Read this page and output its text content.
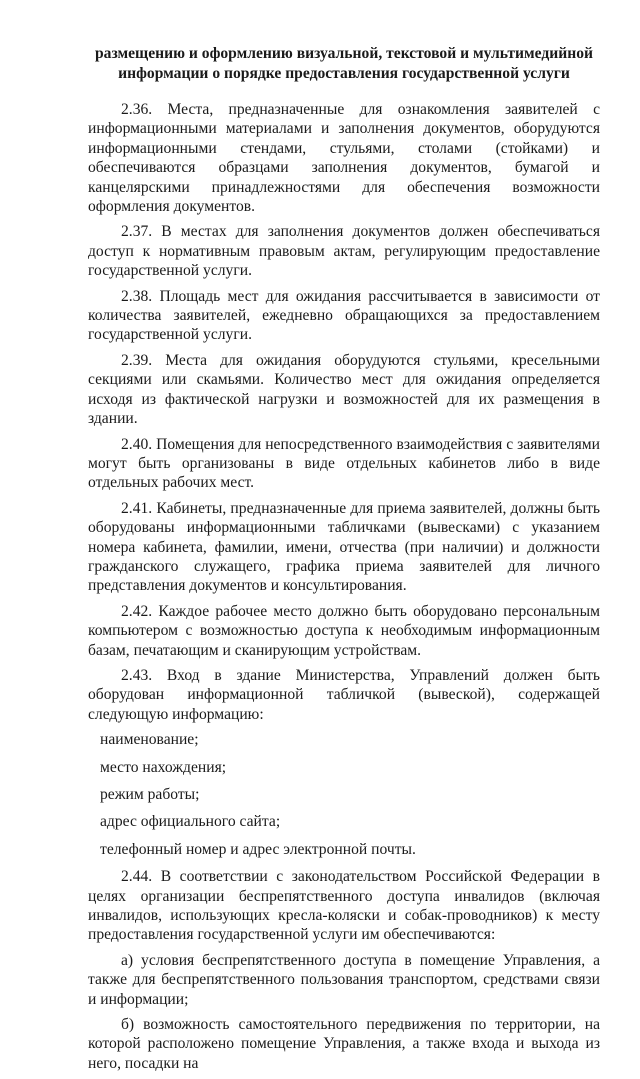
размещению и оформлению визуальной, текстовой и мультимедийной
информации о порядке предоставления государственной услуги

2.36. Места, предназначенные для ознакомления заявителей с информационными материалами и заполнения документов, оборудуются информационными стендами, стульями, столами (стойками) и обеспечиваются образцами заполнения документов, бумагой и канцелярскими принадлежностями для обеспечения возможности оформления документов.

2.37. В местах для заполнения документов должен обеспечиваться доступ к нормативным правовым актам, регулирующим предоставление государственной услуги.

2.38. Площадь мест для ожидания рассчитывается в зависимости от количества заявителей, ежедневно обращающихся за предоставлением государственной услуги.

2.39. Места для ожидания оборудуются стульями, кресельными секциями или скамьями. Количество мест для ожидания определяется исходя из фактической нагрузки и возможностей для их размещения в здании.

2.40. Помещения для непосредственного взаимодействия с заявителями могут быть организованы в виде отдельных кабинетов либо в виде отдельных рабочих мест.

2.41. Кабинеты, предназначенные для приема заявителей, должны быть оборудованы информационными табличками (вывесками) с указанием номера кабинета, фамилии, имени, отчества (при наличии) и должности гражданского служащего, графика приема заявителей для личного представления документов и консультирования.

2.42. Каждое рабочее место должно быть оборудовано персональным компьютером с возможностью доступа к необходимым информационным базам, печатающим и сканирующим устройствам.

2.43. Вход в здание Министерства, Управлений должен быть оборудован информационной табличкой (вывеской), содержащей следующую информацию:

наименование;
место нахождения;
режим работы;
адрес официального сайта;
телефонный номер и адрес электронной почты.

2.44. В соответствии с законодательством Российской Федерации в целях организации беспрепятственного доступа инвалидов (включая инвалидов, использующих кресла-коляски и собак-проводников) к месту предоставления государственной услуги им обеспечиваются:

а) условия беспрепятственного доступа в помещение Управления, а также для беспрепятственного пользования транспортом, средствами связи и информации;

б) возможность самостоятельного передвижения по территории, на которой расположено помещение Управления, а также входа и выхода из него, посадки на
